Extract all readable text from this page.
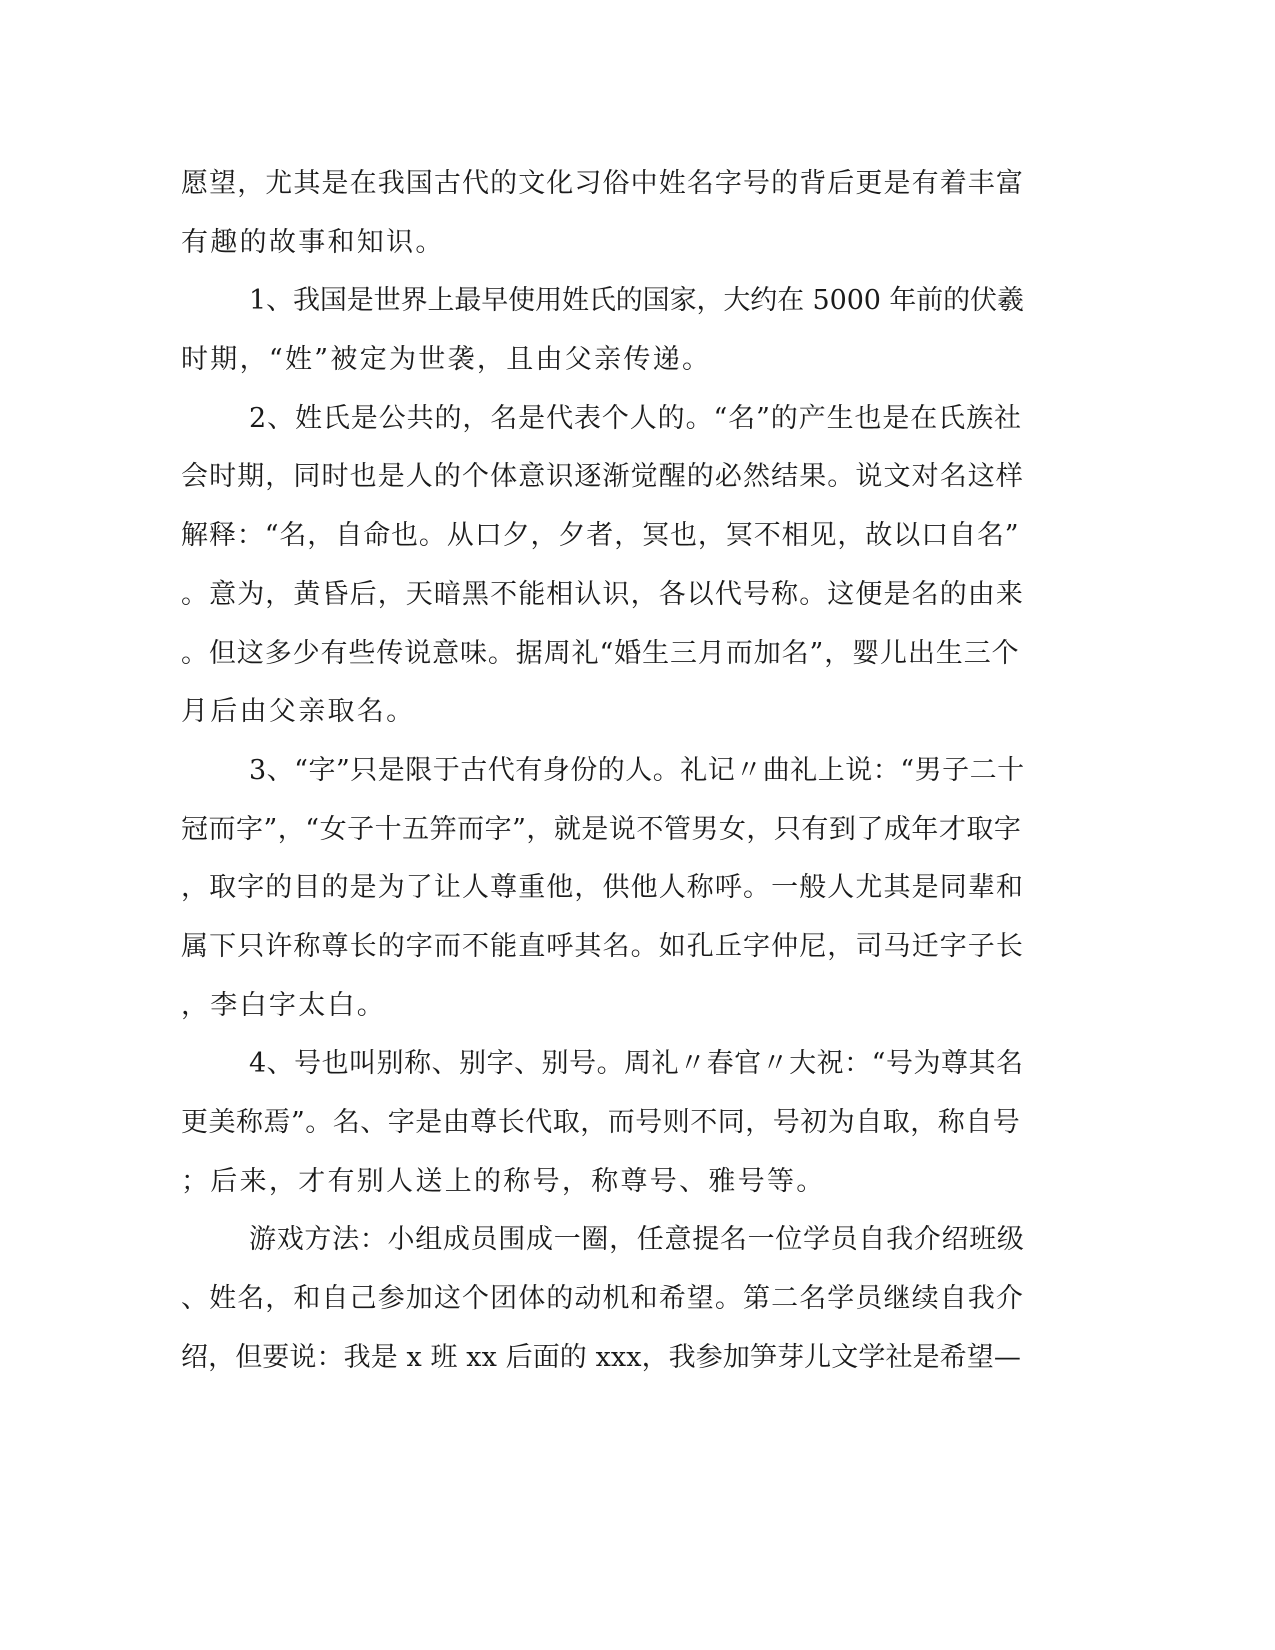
愿望，尤其是在我国古代的文化习俗中姓名字号的背后更是有着丰富
有趣的故事和知识。
1、我国是世界上最早使用姓氏的国家，大约在 5000 年前的伏羲
时期，“姓”被定为世袭，且由父亲传递。
2、姓氏是公共的，名是代表个人的。“名”的产生也是在氏族社
会时期，同时也是人的个体意识逐渐觉醒的必然结果。说文对名这样
解释：“名，自命也。从口夕，夕者，冥也，冥不相见，故以口自名”
。意为，黄昏后，天暗黑不能相认识，各以代号称。这便是名的由来
。但这多少有些传说意味。据周礼“婚生三月而加名”，婴儿出生三个
月后由父亲取名。
3、“字”只是限于古代有身份的人。礼记〃曲礼上说：“男子二十
冠而字”，“女子十五笄而字”，就是说不管男女，只有到了成年才取字
，取字的目的是为了让人尊重他，供他人称呼。一般人尤其是同辈和
属下只许称尊长的字而不能直呼其名。如孔丘字仲尼，司马迁字子长
，李白字太白。
4、号也叫别称、别字、别号。周礼〃春官〃大祝：“号为尊其名
更美称焉”。名、字是由尊长代取，而号则不同，号初为自取，称自号
；后来，才有别人送上的称号，称尊号、雅号等。
游戏方法：小组成员围成一圈，任意提名一位学员自我介绍班级
、姓名，和自己参加这个团体的动机和希望。第二名学员继续自我介
绍，但要说：我是 x 班 xx 后面的 xxx，我参加笋芽儿文学社是希望—
